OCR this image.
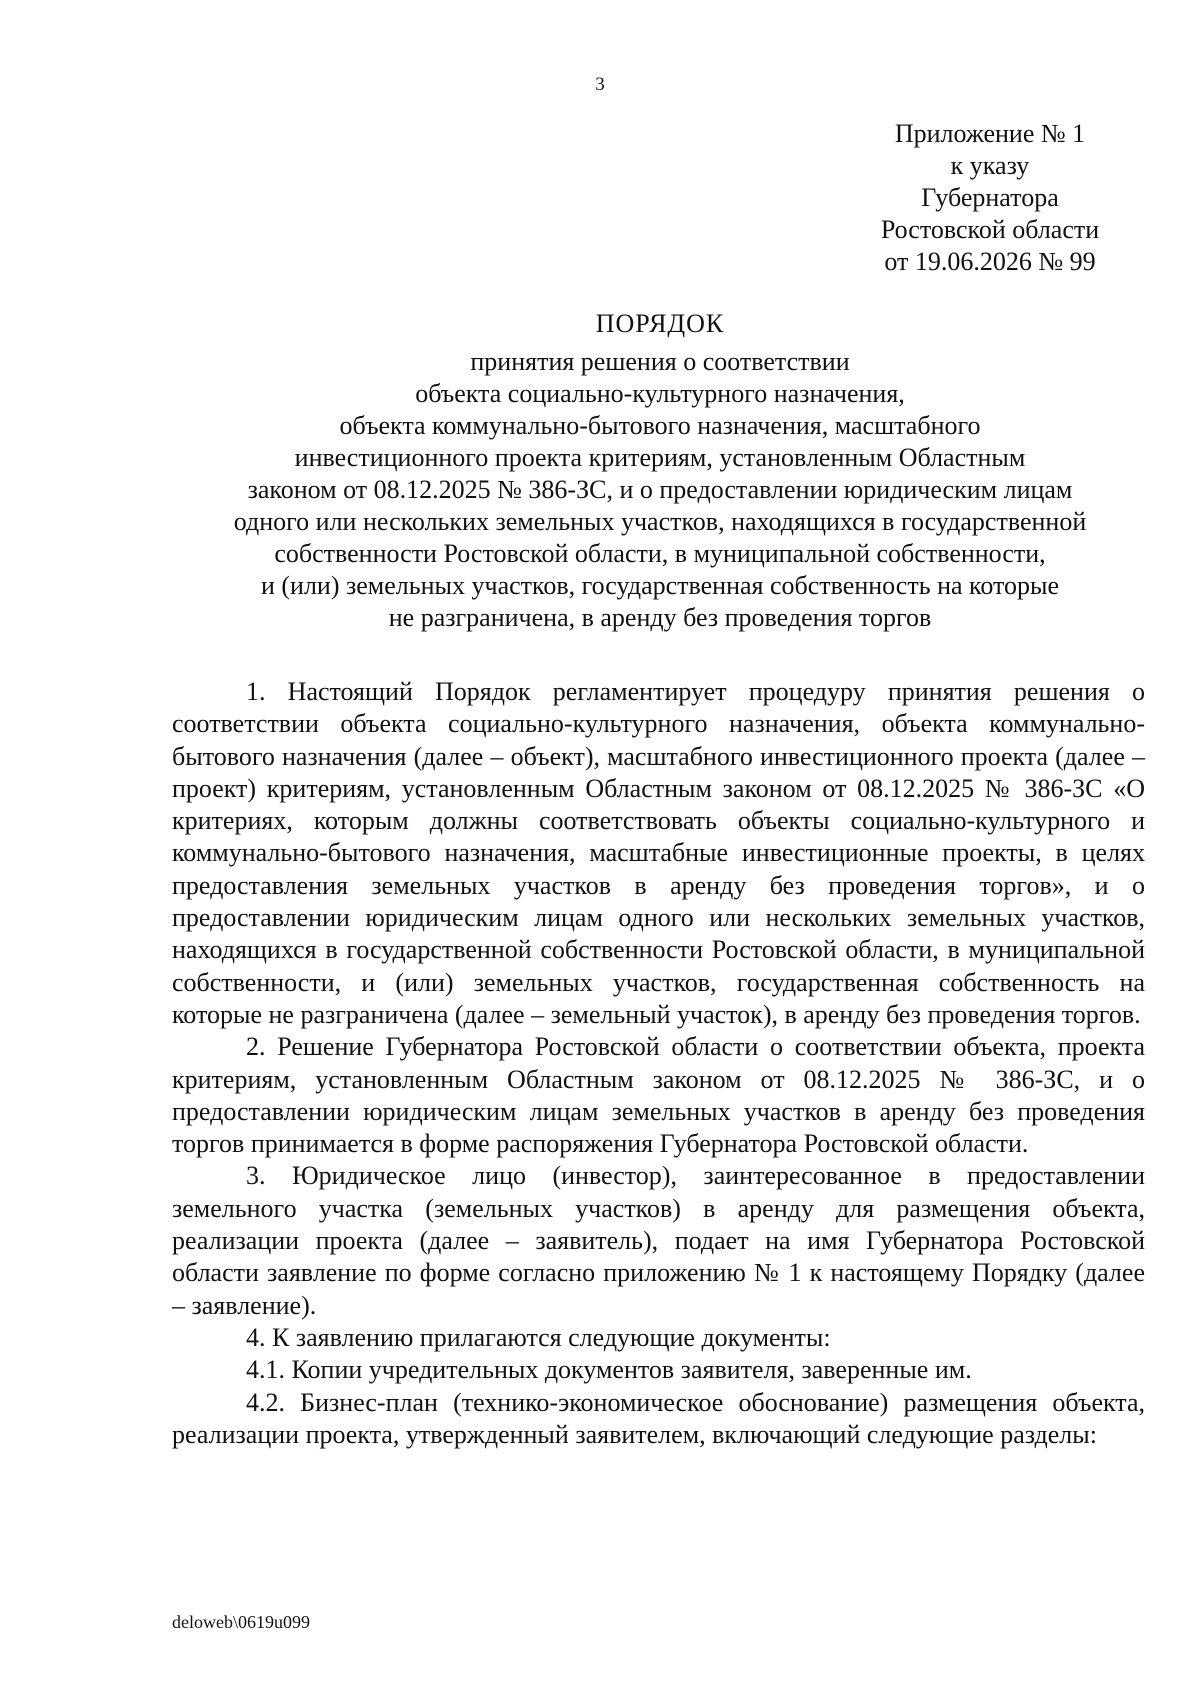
3
Приложение № 1
к указу
Губернатора
Ростовской области
от 19.06.2026 № 99
ПОРЯДОК
принятия решения о соответствии
объекта социально-культурного назначения,
объекта коммунально-бытового назначения, масштабного
инвестиционного проекта критериям, установленным Областным
законом от 08.12.2025 № 386-ЗС, и о предоставлении юридическим лицам
одного или нескольких земельных участков, находящихся в государственной
собственности Ростовской области, в муниципальной собственности,
и (или) земельных участков, государственная собственность на которые
не разграничена, в аренду без проведения торгов

1. Настоящий Порядок регламентирует процедуру принятия решения о соответствии объекта социально-культурного назначения, объекта коммунально-бытового назначения (далее – объект), масштабного инвестиционного проекта (далее – проект) критериям, установленным Областным законом от 08.12.2025 № 386-ЗС «О критериях, которым должны соответствовать объекты социально-культурного и коммунально-бытового назначения, масштабные инвестиционные проекты, в целях предоставления земельных участков в аренду без проведения торгов», и о предоставлении юридическим лицам одного или нескольких земельных участков, находящихся в государственной собственности Ростовской области, в муниципальной собственности, и (или) земельных участков, государственная собственность на которые не разграничена (далее – земельный участок), в аренду без проведения торгов.

2. Решение Губернатора Ростовской области о соответствии объекта, проекта критериям, установленным Областным законом от 08.12.2025 № 386-ЗС, и о предоставлении юридическим лицам земельных участков в аренду без проведения торгов принимается в форме распоряжения Губернатора Ростовской области.

3. Юридическое лицо (инвестор), заинтересованное в предоставлении земельного участка (земельных участков) в аренду для размещения объекта, реализации проекта (далее – заявитель), подает на имя Губернатора Ростовской области заявление по форме согласно приложению № 1 к настоящему Порядку (далее – заявление).

4. К заявлению прилагаются следующие документы:

4.1. Копии учредительных документов заявителя, заверенные им.

4.2. Бизнес-план (технико-экономическое обоснование) размещения объекта, реализации проекта, утвержденный заявителем, включающий следующие разделы:

deloweb\0619u099
